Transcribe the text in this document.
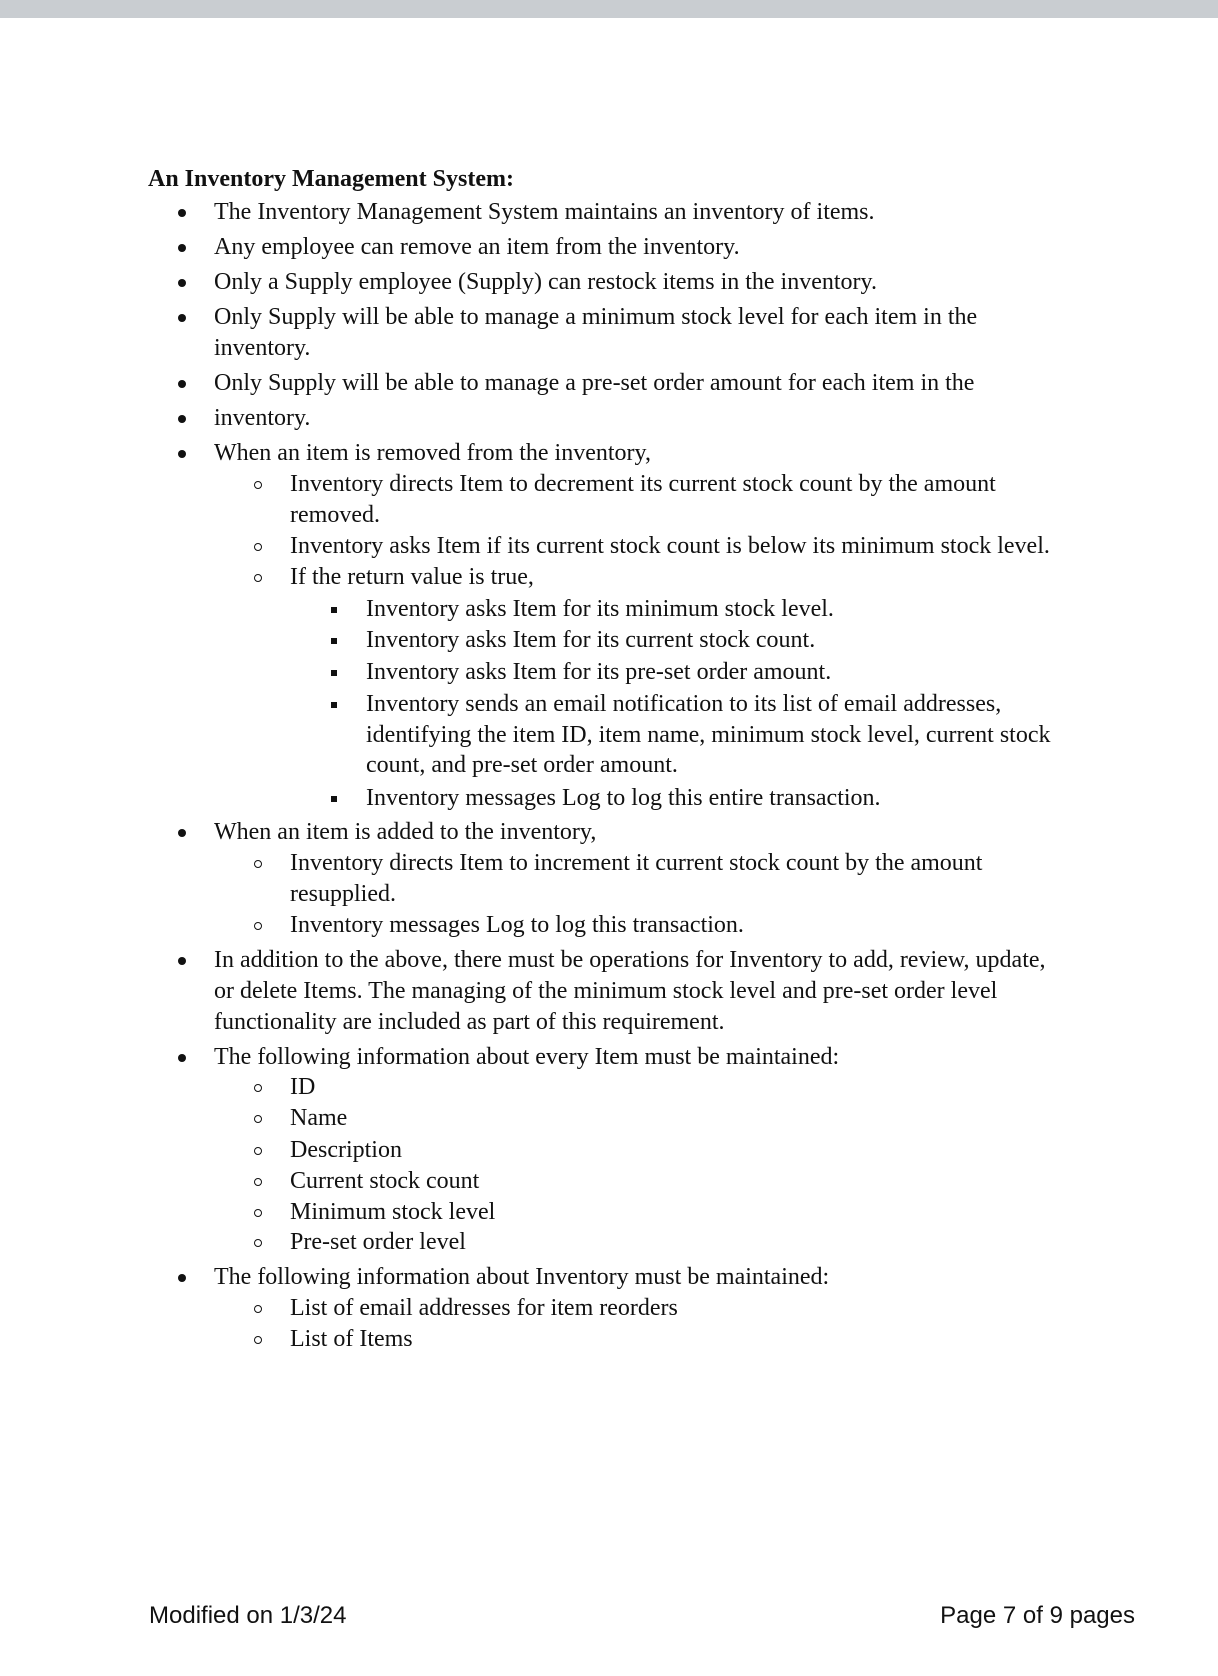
An Inventory Management System:
The Inventory Management System maintains an inventory of items.
Any employee can remove an item from the inventory.
Only a Supply employee (Supply) can restock items in the inventory.
Only Supply will be able to manage a minimum stock level for each item in the
inventory.
Only Supply will be able to manage a pre-set order amount for each item in the
inventory.
When an item is removed from the inventory,
Inventory directs Item to decrement its current stock count by the amount
removed.
Inventory asks Item if its current stock count is below its minimum stock level.
If the return value is true,
Inventory asks Item for its minimum stock level.
Inventory asks Item for its current stock count.
Inventory asks Item for its pre-set order amount.
Inventory sends an email notification to its list of email addresses,
identifying the item ID, item name, minimum stock level, current stock
count, and pre-set order amount.
Inventory messages Log to log this entire transaction.
When an item is added to the inventory,
Inventory directs Item to increment it current stock count by the amount
resupplied.
Inventory messages Log to log this transaction.
In addition to the above, there must be operations for Inventory to add, review, update,
or delete Items. The managing of the minimum stock level and pre-set order level
functionality are included as part of this requirement.
The following information about every Item must be maintained:
ID
Name
Description
Current stock count
Minimum stock level
Pre-set order level
The following information about Inventory must be maintained:
List of email addresses for item reorders
List of Items
Modified on 1/3/24	Page 7 of 9 pages
